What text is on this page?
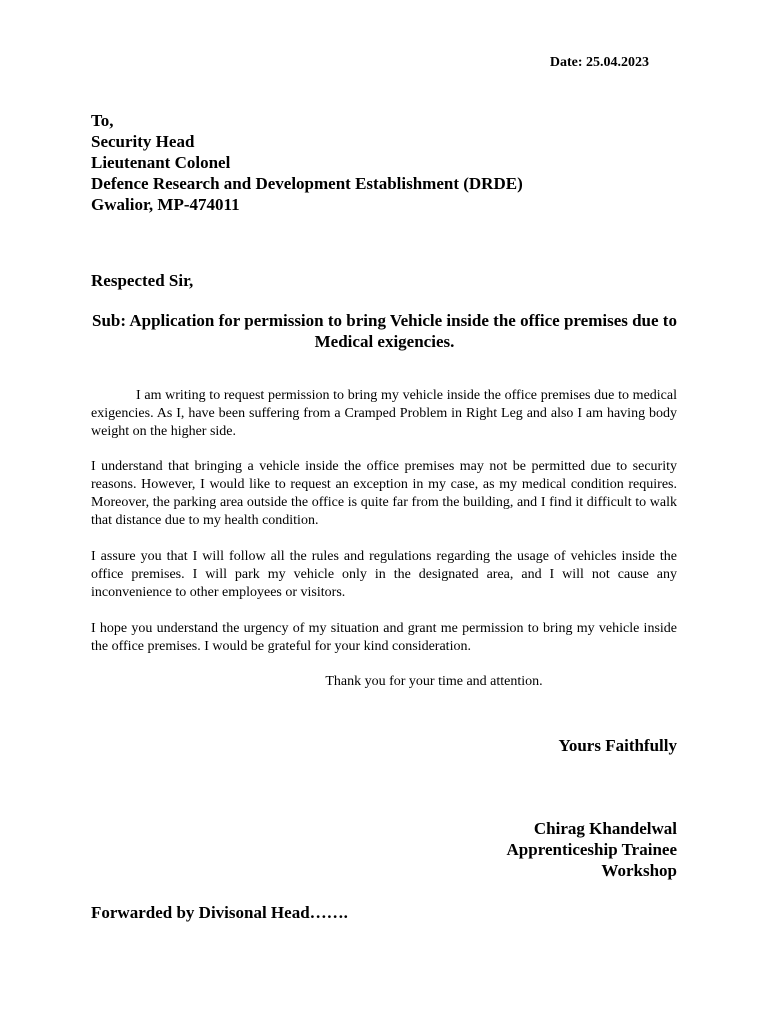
Date: 25.04.2023
To,
Security Head
Lieutenant Colonel
Defence Research and Development Establishment (DRDE)
Gwalior, MP-474011
Respected Sir,
Sub: Application for permission to bring Vehicle inside the office premises due to Medical exigencies.
I am writing to request permission to bring my vehicle inside the office premises due to medical exigencies. As I, have been suffering from a Cramped Problem in Right Leg and also I am having body weight on the higher side.
I understand that bringing a vehicle inside the office premises may not be permitted due to security reasons. However, I would like to request an exception in my case, as my medical condition requires. Moreover, the parking area outside the office is quite far from the building, and I find it difficult to walk that distance due to my health condition.
I assure you that I will follow all the rules and regulations regarding the usage of vehicles inside the office premises. I will park my vehicle only in the designated area, and I will not cause any inconvenience to other employees or visitors.
I hope you understand the urgency of my situation and grant me permission to bring my vehicle inside the office premises. I would be grateful for your kind consideration.
Thank you for your time and attention.
Yours Faithfully
Chirag Khandelwal
Apprenticeship Trainee
Workshop
Forwarded by Divisonal Head…….
